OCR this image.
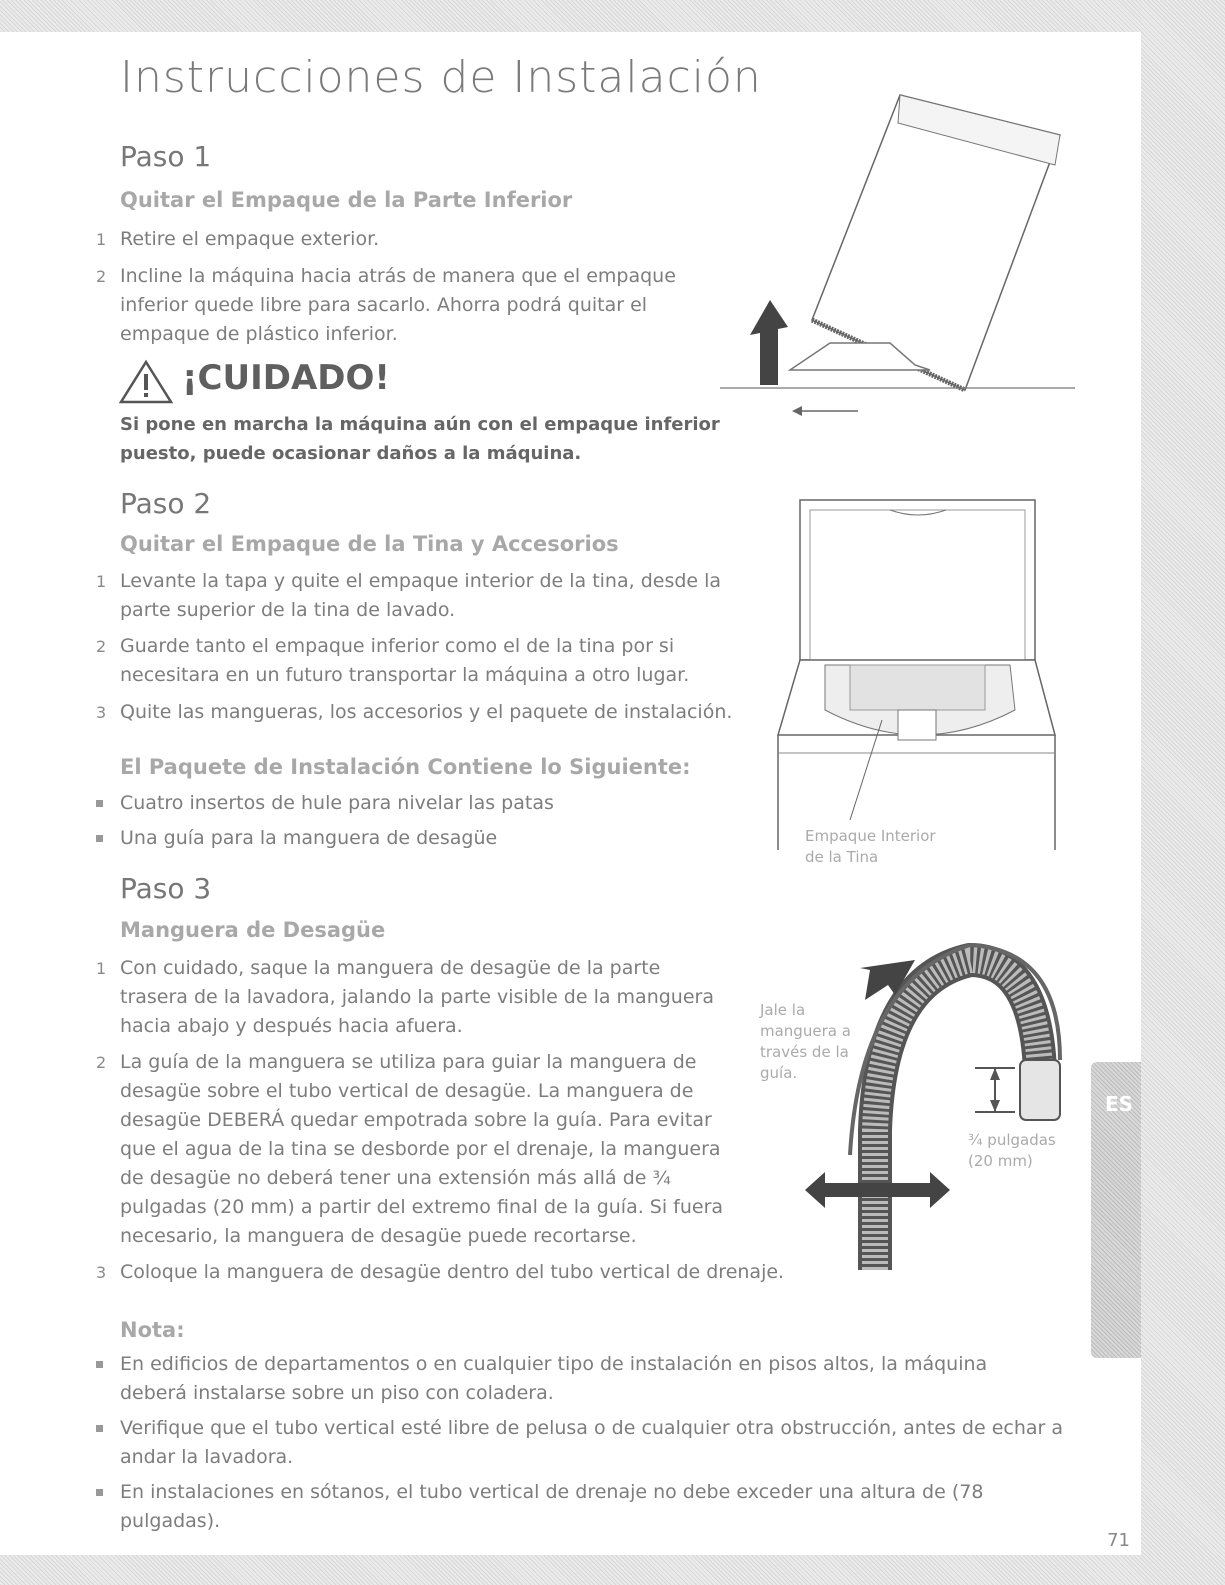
ES
Instrucciones de Instalación
Paso 1
Quitar el Empaque de la Parte Inferior
1 Retire el empaque exterior.
2 Incline la máquina hacia atrás de manera que el empaque inferior quede libre para sacarlo. Ahorra podrá quitar el empaque de plástico inferior.
¡CUIDADO!
Si pone en marcha la máquina aún con el empaque inferior puesto, puede ocasionar daños a la máquina.
Paso 2
Quitar el Empaque de la Tina y Accesorios
1 Levante la tapa y quite el empaque interior de la tina, desde la parte superior de la tina de lavado.
2 Guarde tanto el empaque inferior como el de la tina por si necesitara en un futuro transportar la máquina a otro lugar.
3 Quite las mangueras, los accesorios y el paquete de instalación.
El Paquete de Instalación Contiene lo Siguiente:
Cuatro insertos de hule para nivelar las patas
Una guía para la manguera de desagüe	Empaque Interior
de la Tina
Paso 3
Manguera de Desagüe
1 Con cuidado, saque la manguera de desagüe de la parte trasera de la lavadora, jalando la parte visible de la manguera hacia abajo y después hacia afuera.
2 La guía de la manguera se utiliza para guiar la manguera de desagüe sobre el tubo vertical de desagüe. La manguera de desagüe DEBERÁ quedar empotrada sobre la guía. Para evitar que el agua de la tina se desborde por el drenaje, la manguera de desagüe no deberá tener una extensión más allá de ¾ pulgadas (20 mm) a partir del extremo final de la guía. Si fuera necesario, la manguera de desagüe puede recortarse.
3 Coloque la manguera de desagüe dentro del tubo vertical de drenaje.
Jale la manguera a través de la guía.
¾ pulgadas
(20 mm)
Nota:
En edificios de departamentos o en cualquier tipo de instalación en pisos altos, la máquina deberá instalarse sobre un piso con coladera.
Verifique que el tubo vertical esté libre de pelusa o de cualquier otra obstrucción, antes de echar a andar la lavadora.
En instalaciones en sótanos, el tubo vertical de drenaje no debe exceder una altura de (78 pulgadas).
71
